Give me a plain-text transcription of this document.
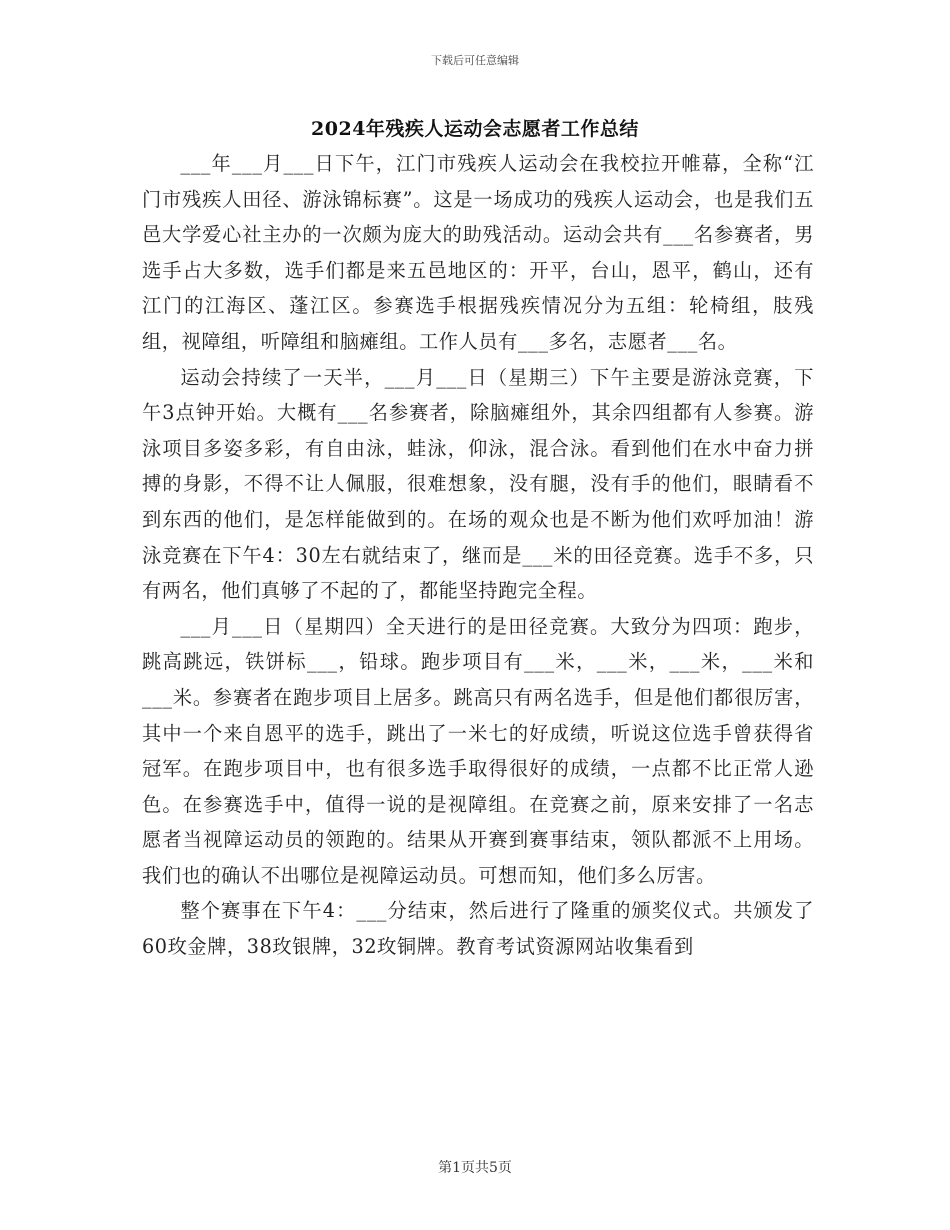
下载后可任意编辑
2024年残疾人运动会志愿者工作总结

___年___月___日下午，江门市残疾人运动会在我校拉开帷幕，全称“江门市残疾人田径、游泳锦标赛”。这是一场成功的残疾人运动会，也是我们五邑大学爱心社主办的一次颇为庞大的助残活动。运动会共有___名参赛者，男选手占大多数，选手们都是来五邑地区的：开平，台山，恩平，鹤山，还有江门的江海区、蓬江区。参赛选手根据残疾情况分为五组：轮椅组，肢残组，视障组，听障组和脑瘫组。工作人员有___多名，志愿者___名。

运动会持续了一天半，___月___日（星期三）下午主要是游泳竞赛，下午3点钟开始。大概有___名参赛者，除脑瘫组外，其余四组都有人参赛。游泳项目多姿多彩，有自由泳，蛙泳，仰泳，混合泳。看到他们在水中奋力拼搏的身影，不得不让人佩服，很难想象，没有腿，没有手的他们，眼睛看不到东西的他们，是怎样能做到的。在场的观众也是不断为他们欢呼加油！游泳竞赛在下午4：30左右就结束了，继而是___米的田径竞赛。选手不多，只有两名，他们真够了不起的了，都能坚持跑完全程。

___月___日（星期四）全天进行的是田径竞赛。大致分为四项：跑步，跳高跳远，铁饼标___，铅球。跑步项目有___米，___米，___米，___米和___米。参赛者在跑步项目上居多。跳高只有两名选手，但是他们都很厉害，其中一个来自恩平的选手，跳出了一米七的好成绩，听说这位选手曾获得省冠军。在跑步项目中，也有很多选手取得很好的成绩，一点都不比正常人逊色。在参赛选手中，值得一说的是视障组。在竞赛之前，原来安排了一名志愿者当视障运动员的领跑的。结果从开赛到赛事结束，领队都派不上用场。我们也的确认不出哪位是视障运动员。可想而知，他们多么厉害。

整个赛事在下午4：___分结束，然后进行了隆重的颁奖仪式。共颁发了60玫金牌，38玫银牌，32玫铜牌。教育考试资源网站收集看到

第1页共5页
